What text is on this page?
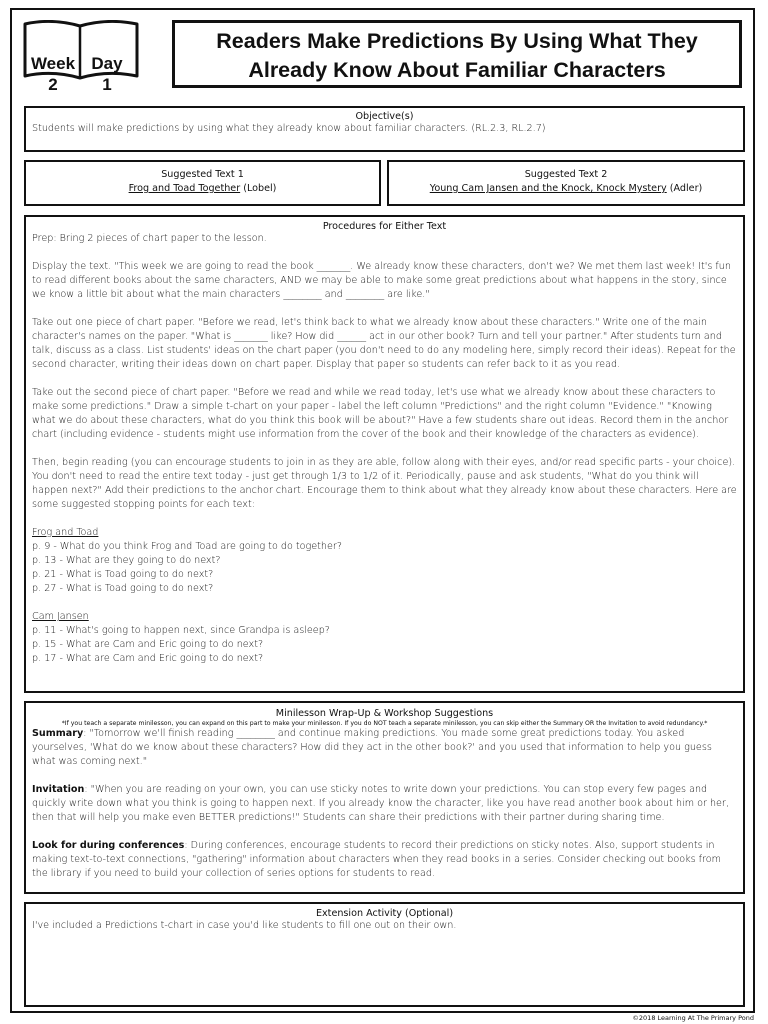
Week
2
Day
1
Readers Make Predictions By Using What They
Already Know About Familiar Characters
Objective(s)
Students will make predictions by using what they already know about familiar characters. (RL.2.3, RL.2.7)
Suggested Text 1
Frog and Toad Together (Lobel)
Suggested Text 2
Young Cam Jansen and the Knock, Knock Mystery (Adler)
Procedures for Either Text

Prep: Bring 2 pieces of chart paper to the lesson.

Display the text. "This week we are going to read the book _______. We already know these characters, don't we? We met them last week! It's fun to read different books about the same characters, AND we may be able to make some great predictions about what happens in the story, since we know a little bit about what the main characters ________ and ________ are like."

Take out one piece of chart paper. "Before we read, let's think back to what we already know about these characters." Write one of the main character's names on the paper. "What is _______ like? How did ______ act in our other book? Turn and tell your partner." After students turn and talk, discuss as a class. List students' ideas on the chart paper (you don't need to do any modeling here, simply record their ideas). Repeat for the second character, writing their ideas down on chart paper. Display that paper so students can refer back to it as you read.

Take out the second piece of chart paper. "Before we read and while we read today, let's use what we already know about these characters to make some predictions." Draw a simple t-chart on your paper - label the left column "Predictions" and the right column "Evidence." "Knowing what we do about these characters, what do you think this book will be about?" Have a few students share out ideas. Record them in the anchor chart (including evidence - students might use information from the cover of the book and their knowledge of the characters as evidence).

Then, begin reading (you can encourage students to join in as they are able, follow along with their eyes, and/or read specific parts - your choice). You don't need to read the entire text today - just get through 1/3 to 1/2 of it. Periodically, pause and ask students, "What do you think will happen next?" Add their predictions to the anchor chart. Encourage them to think about what they already know about these characters. Here are some suggested stopping points for each text:

Frog and Toad
p. 9 - What do you think Frog and Toad are going to do together?
p. 13 - What are they going to do next?
p. 21 - What is Toad going to do next?
p. 27 - What is Toad going to do next?
Cam Jansen
p. 11 - What's going to happen next, since Grandpa is asleep?
p. 15 - What are Cam and Eric going to do next?
p. 17 - What are Cam and Eric going to do next?
Minilesson Wrap-Up & Workshop Suggestions
*If you teach a separate minilesson, you can expand on this part to make your minilesson. If you do NOT teach a separate minilesson, you can skip either the Summary OR the Invitation to avoid redundancy.*

Summary: "Tomorrow we'll finish reading ________ and continue making predictions. You made some great predictions today. You asked yourselves, 'What do we know about these characters? How did they act in the other book?' and you used that information to help you guess what was coming next."

Invitation: "When you are reading on your own, you can use sticky notes to write down your predictions. You can stop every few pages and quickly write down what you think is going to happen next. If you already know the character, like you have read another book about him or her, then that will help you make even BETTER predictions!" Students can share their predictions with their partner during sharing time.

Look for during conferences: During conferences, encourage students to record their predictions on sticky notes. Also, support students in making text-to-text connections, "gathering" information about characters when they read books in a series. Consider checking out books from the library if you need to build your collection of series options for students to read.

Extension Activity (Optional)
I've included a Predictions t-chart in case you'd like students to fill one out on their own.
©2018 Learning At The Primary Pond
